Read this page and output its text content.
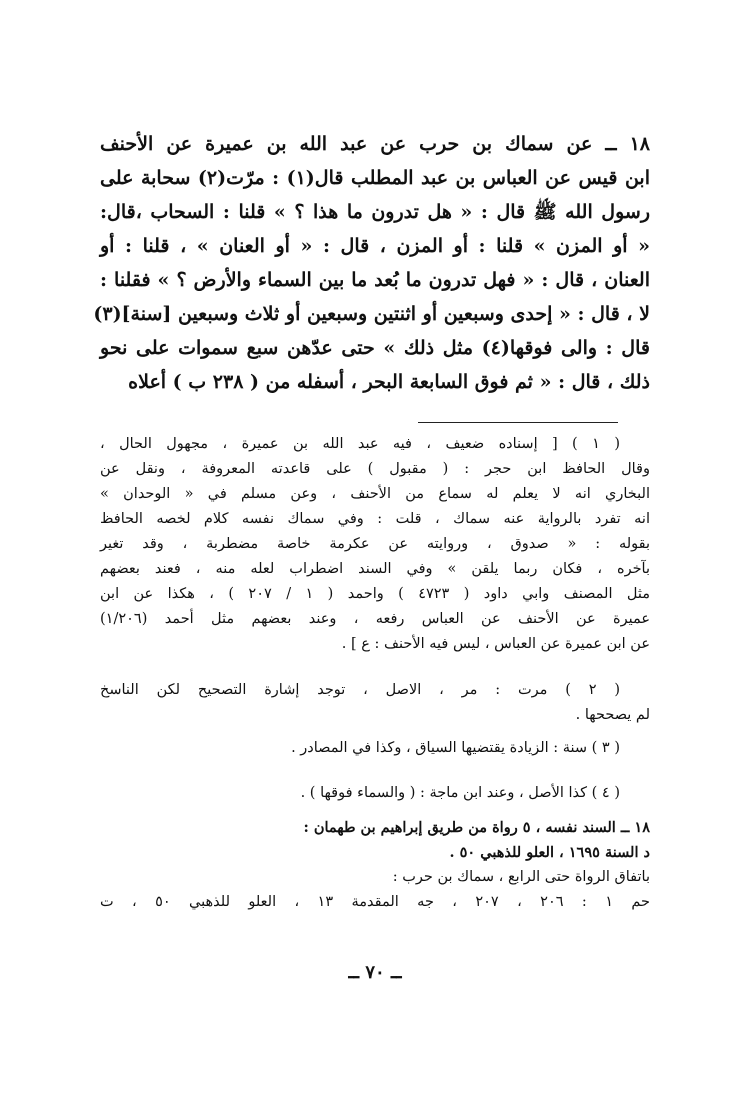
١٨ ــ عن سماك بن حرب عن عبد الله بن عميرة عن الأحنف
ابن قيس عن العباس بن عبد المطلب قال(١) : مرّت(٢) سحابة على
رسول الله ﷺ قال : « هل تدرون ما هذا ؟ » قلنا : السحاب ،قال:
« أو المزن » قلنا : أو المزن ، قال : « أو العنان » ، قلنا : أو
العنان ، قال : « فهل تدرون ما بُعد ما بين السماء والأرض ؟ » فقلنا :
لا ، قال : « إحدى وسبعين أو اثنتين وسبعين أو ثلاث وسبعين [سنة](٣)
قال : والى فوقها(٤) مثل ذلك » حتى عدّهن سبع سموات على نحو
ذلك ، قال : « ثم فوق السابعة البحر ، أسفله من ( ٢٣٨ ب ) أعلاه
( ١ ) [ إسناده ضعيف ، فيه عبد الله بن عميرة ، مجهول الحال ،
وقال الحافظ ابن حجر : ( مقبول ) على قاعدته المعروفة ، ونقل عن
البخاري انه لا يعلم له سماع من الأحنف ، وعن مسلم في « الوحدان »
انه تفرد بالرواية عنه سماك ، قلت : وفي سماك نفسه كلام لخصه الحافظ
بقوله : « صدوق ، وروايته عن عكرمة خاصة مضطربة ، وقد تغير
بآخره ، فكان ربما يلقن » وفي السند اضطراب لعله منه ، فعند بعضهم
مثل المصنف وابي داود ( ٤٧٢٣ ) واحمد ( ١ / ٢٠٧ ) ، هكذا عن ابن
عميرة عن الأحنف عن العباس رفعه ، وعند بعضهم مثل أحمد (١/٢٠٦)
عن ابن عميرة عن العباس ، ليس فيه الأحنف : ع ] .
( ٢ ) مرت : مر ، الاصل ، توجد إشارة التصحيح لكن الناسخ
لم يصححها .
( ٣ ) سنة : الزيادة يقتضيها السياق ، وكذا في المصادر .
( ٤ ) كذا الأصل ، وعند ابن ماجة : ( والسماء فوقها ) .
١٨ ــ السند نفسه ، ٥ رواة من طريق إبراهيم بن طهمان :
د السنة ١٦٩٥ ، العلو للذهبي ٥٠ .
باتفاق الرواة حتى الرابع ، سماك بن حرب :
حم ١ : ٢٠٦ ، ٢٠٧ ، جه المقدمة ١٣ ، العلو للذهبي ٥٠ ، ت
ــ ٧٠ ــ
